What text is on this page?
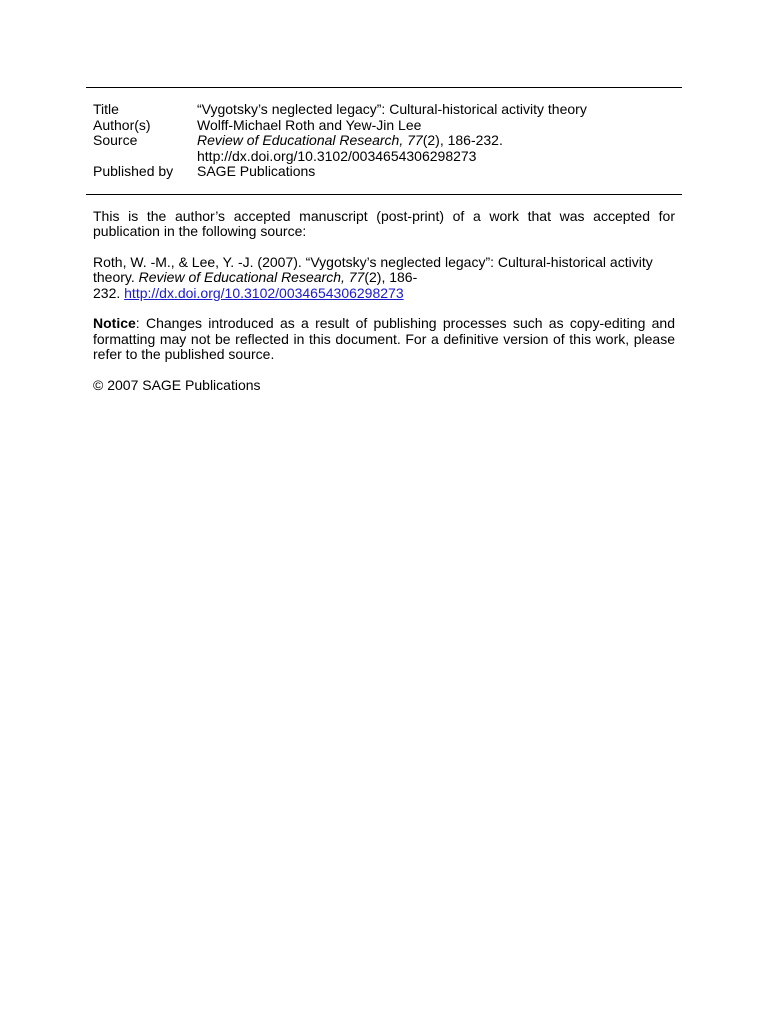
Title	“Vygotsky’s neglected legacy”: Cultural-historical activity theory
Author(s)	Wolff-Michael Roth and Yew-Jin Lee
Source	Review of Educational Research, 77(2), 186-232.
http://dx.doi.org/10.3102/0034654306298273
Published by	SAGE Publications

This is the author’s accepted manuscript (post-print) of a work that was accepted for publication in the following source:

Roth, W. -M., & Lee, Y. -J. (2007). “Vygotsky’s neglected legacy”: Cultural-historical activity theory. Review of Educational Research, 77(2), 186-
232. http://dx.doi.org/10.3102/0034654306298273

Notice: Changes introduced as a result of publishing processes such as copy-editing and formatting may not be reflected in this document. For a definitive version of this work, please refer to the published source.

© 2007 SAGE Publications
